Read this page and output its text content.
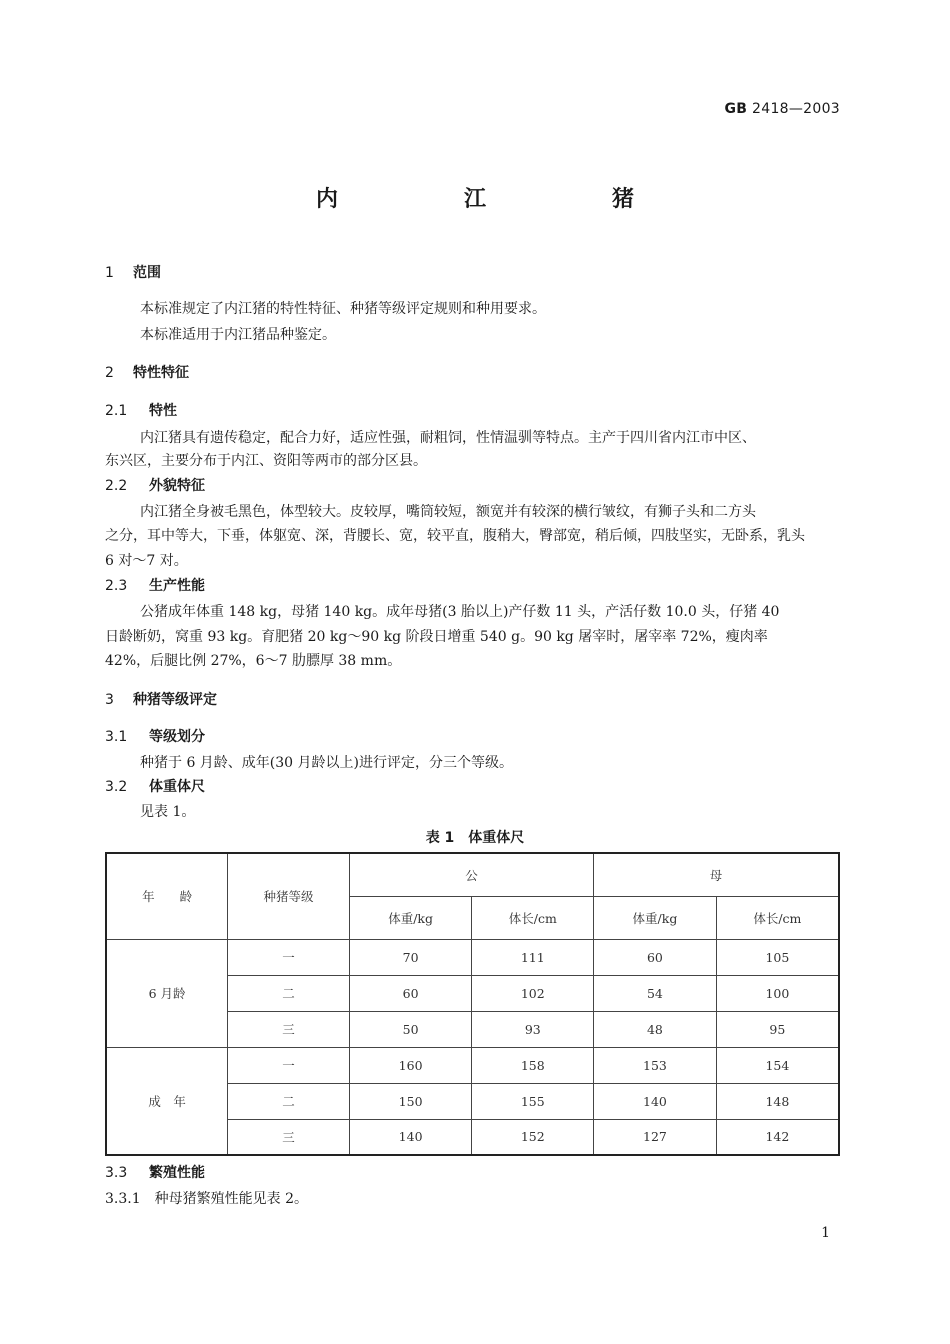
GB 2418—2003
内　江　猪
1 范围
本标准规定了内江猪的特性特征、种猪等级评定规则和种用要求。
本标准适用于内江猪品种鉴定。
2 特性特征
2.1 特性
内江猪具有遗传稳定，配合力好，适应性强，耐粗饲，性情温驯等特点。主产于四川省内江市中区、
东兴区，主要分布于内江、资阳等两市的部分区县。
2.2 外貌特征
内江猪全身被毛黑色，体型较大。皮较厚，嘴筒较短，额宽并有较深的横行皱纹，有狮子头和二方头
之分，耳中等大，下垂，体躯宽、深，背腰长、宽，较平直，腹稍大，臀部宽，稍后倾，四肢坚实，无卧系，乳头
6 对～7 对。
2.3 生产性能
公猪成年体重 148 kg，母猪 140 kg。成年母猪(3 胎以上)产仔数 11 头，产活仔数 10.0 头，仔猪 40
日龄断奶，窝重 93 kg。育肥猪 20 kg～90 kg 阶段日增重 540 g。90 kg 屠宰时，屠宰率 72%，瘦肉率
42%，后腿比例 27%，6～7 肋膘厚 38 mm。
3 种猪等级评定
3.1 等级划分
种猪于 6 月龄、成年(30 月龄以上)进行评定，分三个等级。
3.2 体重体尺
见表 1。
表 1　体重体尺
年　　龄	种猪等级	公		母	
		体重/kg	体长/cm	体重/kg	体长/cm
6 月龄	一	70	111	60	105
	二	60	102	54	100
	三	50	93	48	95
成　年	一	160	158	153	154
	二	150	155	140	148
	三	140	152	127	142
3.3 繁殖性能
3.3.1　种母猪繁殖性能见表 2。
1
